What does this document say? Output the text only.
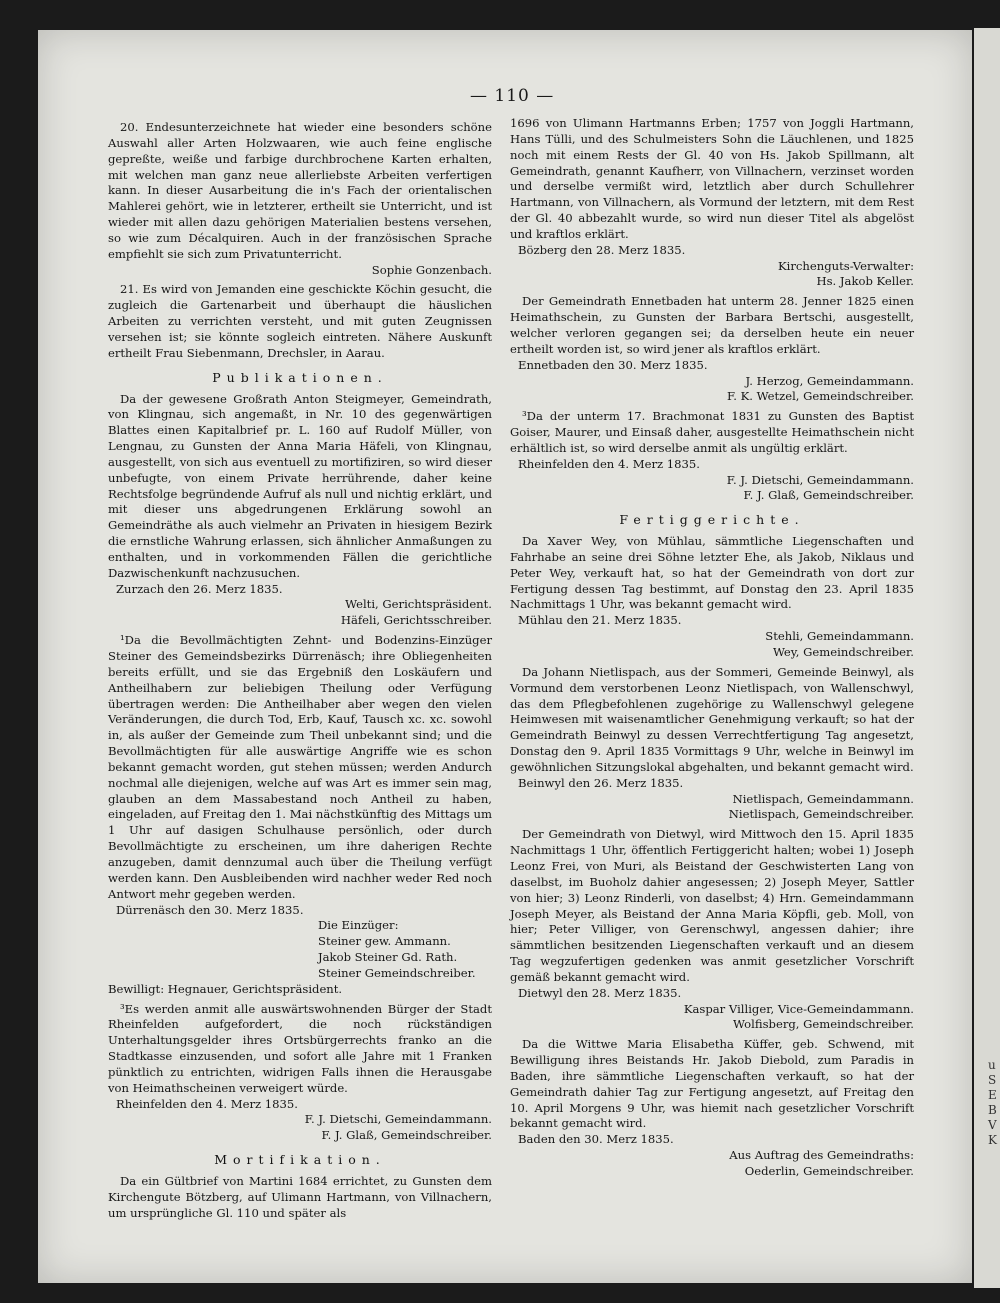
u
S
E
B
V
K
— 110 —

20. Endesunterzeichnete hat wieder eine besonders schöne Auswahl aller Arten Holzwaaren, wie auch feine englische gepreßte, weiße und farbige durchbrochene Karten erhalten, mit welchen man ganz neue allerliebste Arbeiten verfertigen kann. In dieser Ausarbeitung die in's Fach der orientalischen Mahlerei gehört, wie in letzterer, ertheilt sie Unterricht, und ist wieder mit allen dazu gehörigen Materialien bestens versehen, so wie zum Décalquiren. Auch in der französischen Sprache empfiehlt sie sich zum Privatunterricht.

Sophie Gonzenbach.

21. Es wird von Jemanden eine geschickte Köchin gesucht, die zugleich die Gartenarbeit und überhaupt die häuslichen Arbeiten zu verrichten versteht, und mit guten Zeugnissen versehen ist; sie könnte sogleich eintreten. Nähere Auskunft ertheilt Frau Siebenmann, Drechsler, in Aarau.

Publikationen.

Da der gewesene Großrath Anton Steigmeyer, Gemeindrath, von Klingnau, sich angemaßt, in Nr. 10 des gegenwärtigen Blattes einen Kapitalbrief pr. L. 160 auf Rudolf Müller, von Lengnau, zu Gunsten der Anna Maria Häfeli, von Klingnau, ausgestellt, von sich aus eventuell zu mortifiziren, so wird dieser unbefugte, von einem Private herrührende, daher keine Rechtsfolge begründende Aufruf als null und nichtig erklärt, und mit dieser uns abgedrungenen Erklärung sowohl an Gemeindräthe als auch vielmehr an Privaten in hiesigem Bezirk die ernstliche Wahrung erlassen, sich ähnlicher Anmaßungen zu enthalten, und in vorkommenden Fällen die gerichtliche Dazwischenkunft nachzusuchen.

Zurzach den 26. Merz 1835.

Welti, Gerichtspräsident.

Häfeli, Gerichtsschreiber.

¹Da die Bevollmächtigten Zehnt- und Bodenzins-Einzüger Steiner des Gemeindsbezirks Dürrenäsch; ihre Obliegenheiten bereits erfüllt, und sie das Ergebniß den Loskäufern und Antheilhabern zur beliebigen Theilung oder Verfügung übertragen werden: Die Antheilhaber aber wegen den vielen Veränderungen, die durch Tod, Erb, Kauf, Tausch xc. xc. sowohl in, als außer der Gemeinde zum Theil unbekannt sind; und die Bevollmächtigten für alle auswärtige Angriffe wie es schon bekannt gemacht worden, gut stehen müssen; werden Andurch nochmal alle diejenigen, welche auf was Art es immer sein mag, glauben an dem Massabestand noch Antheil zu haben, eingeladen, auf Freitag den 1. Mai nächstkünftig des Mittags um 1 Uhr auf dasigen Schulhause persönlich, oder durch Bevollmächtigte zu erscheinen, um ihre daherigen Rechte anzugeben, damit dennzumal auch über die Theilung verfügt werden kann. Den Ausbleibenden wird nachher weder Red noch Antwort mehr gegeben werden.

Dürrenäsch den 30. Merz 1835.

Die Einzüger:

Steiner gew. Ammann.

Jakob Steiner Gd. Rath.

Steiner Gemeindschreiber.

Bewilligt: Hegnauer, Gerichtspräsident.

³Es werden anmit alle auswärtswohnenden Bürger der Stadt Rheinfelden aufgefordert, die noch rückständigen Unterhaltungsgelder ihres Ortsbürgerrechts franko an die Stadtkasse einzusenden, und sofort alle Jahre mit 1 Franken pünktlich zu entrichten, widrigen Falls ihnen die Herausgabe von Heimathscheinen verweigert würde.

Rheinfelden den 4. Merz 1835.

F. J. Dietschi, Gemeindammann.

F. J. Glaß, Gemeindschreiber.

Mortifikation.

Da ein Gültbrief von Martini 1684 errichtet, zu Gunsten dem Kirchengute Bötzberg, auf Ulimann Hartmann, von Villnachern, um ursprüngliche Gl. 110 und später als

1696 von Ulimann Hartmanns Erben; 1757 von Joggli Hartmann, Hans Tülli, und des Schulmeisters Sohn die Läuchlenen, und 1825 noch mit einem Rests der Gl. 40 von Hs. Jakob Spillmann, alt Gemeindrath, genannt Kaufherr, von Villnachern, verzinset worden und derselbe vermißt wird, letztlich aber durch Schullehrer Hartmann, von Villnachern, als Vormund der letztern, mit dem Rest der Gl. 40 abbezahlt wurde, so wird nun dieser Titel als abgelöst und kraftlos erklärt.

Bözberg den 28. Merz 1835.

Kirchenguts-Verwalter:

Hs. Jakob Keller.

Der Gemeindrath Ennetbaden hat unterm 28. Jenner 1825 einen Heimathschein, zu Gunsten der Barbara Bertschi, ausgestellt, welcher verloren gegangen sei; da derselben heute ein neuer ertheilt worden ist, so wird jener als kraftlos erklärt.

Ennetbaden den 30. Merz 1835.

J. Herzog, Gemeindammann.

F. K. Wetzel, Gemeindschreiber.

³Da der unterm 17. Brachmonat 1831 zu Gunsten des Baptist Goiser, Maurer, und Einsaß daher, ausgestellte Heimathschein nicht erhältlich ist, so wird derselbe anmit als ungültig erklärt.

Rheinfelden den 4. Merz 1835.

F. J. Dietschi, Gemeindammann.

F. J. Glaß, Gemeindschreiber.

Fertiggerichte.

Da Xaver Wey, von Mühlau, sämmtliche Liegenschaften und Fahrhabe an seine drei Söhne letzter Ehe, als Jakob, Niklaus und Peter Wey, verkauft hat, so hat der Gemeindrath von dort zur Fertigung dessen Tag bestimmt, auf Donstag den 23. April 1835 Nachmittags 1 Uhr, was bekannt gemacht wird.

Mühlau den 21. Merz 1835.

Stehli, Gemeindammann.

Wey, Gemeindschreiber.

Da Johann Nietlispach, aus der Sommeri, Gemeinde Beinwyl, als Vormund dem verstorbenen Leonz Nietlispach, von Wallenschwyl, das dem Pflegbefohlenen zugehörige zu Wallenschwyl gelegene Heimwesen mit waisenamtlicher Genehmigung verkauft; so hat der Gemeindrath Beinwyl zu dessen Verrechtfertigung Tag angesetzt, Donstag den 9. April 1835 Vormittags 9 Uhr, welche in Beinwyl im gewöhnlichen Sitzungslokal abgehalten, und bekannt gemacht wird.

Beinwyl den 26. Merz 1835.

Nietlispach, Gemeindammann.

Nietlispach, Gemeindschreiber.

Der Gemeindrath von Dietwyl, wird Mittwoch den 15. April 1835 Nachmittags 1 Uhr, öffentlich Fertiggericht halten; wobei 1) Joseph Leonz Frei, von Muri, als Beistand der Geschwisterten Lang von daselbst, im Buoholz dahier angesessen; 2) Joseph Meyer, Sattler von hier; 3) Leonz Rinderli, von daselbst; 4) Hrn. Gemeindammann Joseph Meyer, als Beistand der Anna Maria Köpfli, geb. Moll, von hier; Peter Villiger, von Gerenschwyl, angessen dahier; ihre sämmtlichen besitzenden Liegenschaften verkauft und an diesem Tag wegzufertigen gedenken was anmit gesetzlicher Vorschrift gemäß bekannt gemacht wird.

Dietwyl den 28. Merz 1835.

Kaspar Villiger, Vice-Gemeindammann.

Wolfisberg, Gemeindschreiber.

Da die Wittwe Maria Elisabetha Küffer, geb. Schwend, mit Bewilligung ihres Beistands Hr. Jakob Diebold, zum Paradis in Baden, ihre sämmtliche Liegenschaften verkauft, so hat der Gemeindrath dahier Tag zur Fertigung angesetzt, auf Freitag den 10. April Morgens 9 Uhr, was hiemit nach gesetzlicher Vorschrift bekannt gemacht wird.

Baden den 30. Merz 1835.

Aus Auftrag des Gemeindraths:

Oederlin, Gemeindschreiber.
